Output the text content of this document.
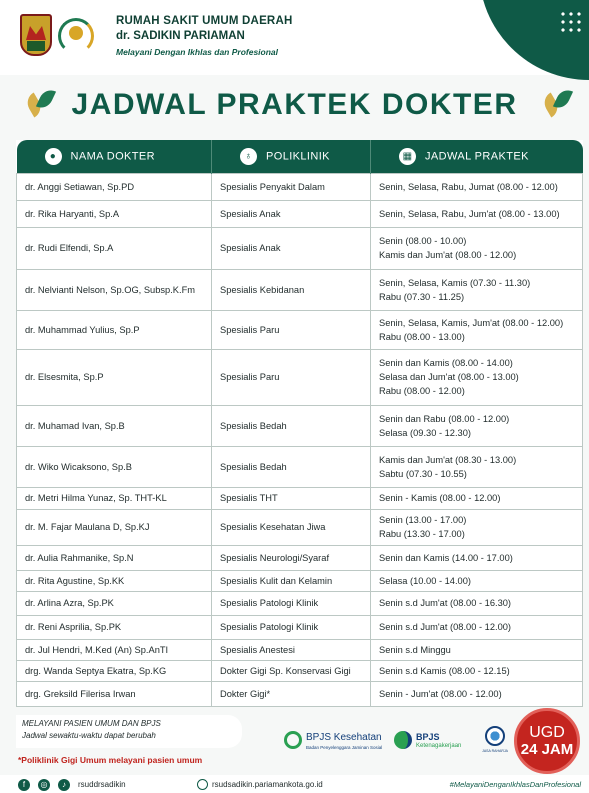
RUMAH SAKIT UMUM DAERAH
dr. SADIKIN PARIAMAN
Melayani Dengan Ikhlas dan Profesional
JADWAL PRAKTEK DOKTER
● NAMA DOKTER	♁ POLIKLINIK	▦ JADWAL PRAKTEK
dr. Anggi Setiawan, Sp.PD	Spesialis Penyakit Dalam	Senin, Selasa, Rabu, Jumat (08.00 - 12.00)

dr. Rika Haryanti, Sp.A	Spesialis Anak	Senin, Selasa, Rabu, Jum'at (08.00 - 13.00)

dr. Rudi Elfendi, Sp.A	Spesialis Anak	Senin (08.00 - 10.00)
Kamis dan Jum'at (08.00 - 12.00)

dr. Nelvianti Nelson, Sp.OG, Subsp.K.Fm	Spesialis Kebidanan	Senin, Selasa, Kamis (07.30 - 11.30)
Rabu (07.30 - 11.25)

dr. Muhammad Yulius, Sp.P	Spesialis Paru	Senin, Selasa, Kamis, Jum'at (08.00 - 12.00)
Rabu (08.00 - 13.00)

dr. Elsesmita, Sp.P	Spesialis Paru	Senin dan Kamis (08.00 - 14.00)
Selasa dan Jum'at (08.00 - 13.00)
Rabu (08.00 - 12.00)

dr. Muhamad Ivan, Sp.B	Spesialis Bedah	Senin dan Rabu (08.00 - 12.00)
Selasa (09.30 - 12.30)

dr. Wiko Wicaksono, Sp.B	Spesialis Bedah	Kamis dan Jum'at (08.30 - 13.00)
Sabtu (07.30 - 10.55)

dr. Metri Hilma Yunaz, Sp. THT-KL	Spesialis THT	Senin - Kamis (08.00 - 12.00)

dr. M. Fajar Maulana D, Sp.KJ	Spesialis Kesehatan Jiwa	Senin (13.00 - 17.00)
Rabu (13.30 - 17.00)

dr. Aulia Rahmanike, Sp.N	Spesialis Neurologi/Syaraf	Senin dan Kamis (14.00 - 17.00)

dr. Rita Agustine, Sp.KK	Spesialis Kulit dan Kelamin	Selasa (10.00 - 14.00)

dr. Arlina Azra, Sp.PK	Spesialis Patologi Klinik	Senin s.d Jum'at (08.00 - 16.30)

dr. Reni Asprilia, Sp.PK	Spesialis Patologi Klinik	Senin s.d Jum'at (08.00 - 12.00)

dr. Jul Hendri, M.Ked (An) Sp.AnTI	Spesialis Anestesi	Senin s.d Minggu

drg. Wanda Septya Ekatra, Sp.KG	Dokter Gigi Sp. Konservasi Gigi	Senin s.d Kamis (08.00 - 12.15)

drg. Greksild Filerisa Irwan	Dokter Gigi*	Senin - Jum'at (08.00 - 12.00)
MELAYANI PASIEN UMUM DAN BPJS
Jadwal sewaktu-waktu dapat berubah
*Poliklinik Gigi Umum melayani pasien umum
BPJS Kesehatan
Badan Penyelenggara Jaminan Sosial
BPJS
Ketenagakerjaan
JASA RAHARJA
UGD
24 JAM
f	◎	♪	rsuddrsadikin	rsudsadikin.pariamankota.go.id	#MelayaniDenganIkhlasDanProfesional
